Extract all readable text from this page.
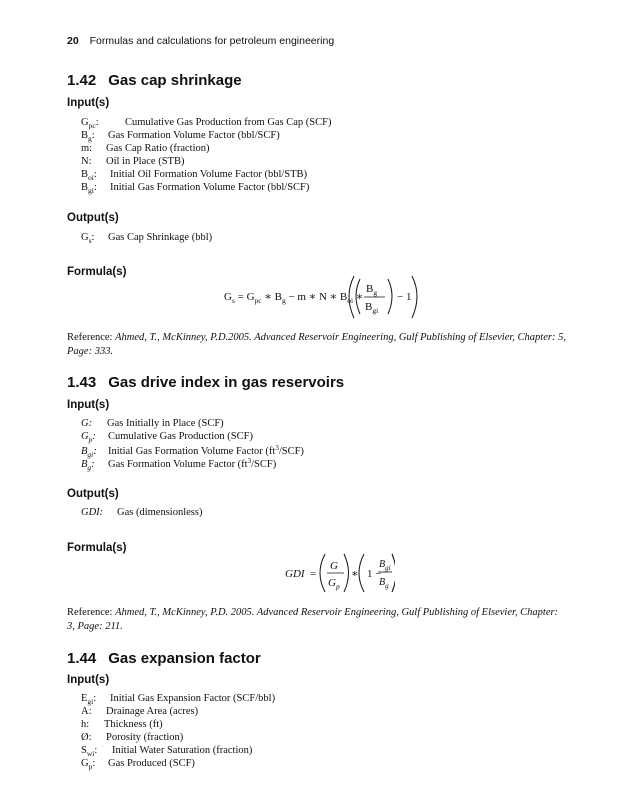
20 Formulas and calculations for petroleum engineering
1.42 Gas cap shrinkage
Input(s)
$G_{pc}$:	Cumulative Gas Production from Gas Cap (SCF)
$B_g$: Gas Formation Volume Factor (bbl/SCF)
m: Gas Cap Ratio (fraction)
N: Oil in Place (STB)
$B_{oi}$: Initial Oil Formation Volume Factor (bbl/STB)
$B_{gi}$: Initial Gas Formation Volume Factor (bbl/SCF)
Output(s)
$G_s$: Gas Cap Shrinkage (bbl)
Formula(s)
$G_s = G_{pc}$ ∗ $B_g - m$ ∗ N ∗ $B_{oi}$ ∗
$B_g$
$B_{gi}$
− 1
Reference: Ahmed, T., McKinney, P.D.2005. Advanced Reservoir Engineering, Gulf Publishing of Elsevier, Chapter: 5, Page: 333.
1.43 Gas drive index in gas reservoirs
Input(s)
G: Gas Initially in Place (SCF)
$G_p$: Cumulative Gas Production (SCF)
$B_{gi}$: Initial Gas Formation Volume Factor $(ft^3/SCF)$
$B_g$: Gas Formation Volume Factor $(ft^3/SCF)$
Output(s)
GDI: Gas (dimensionless)
Formula(s)
GDI =
G
$G_p$
∗ 1 −
$B_{gi}$
$B_g$
Reference: Ahmed, T., McKinney, P.D. 2005. Advanced Reservoir Engineering, Gulf Publishing of Elsevier, Chapter: 3, Page: 211.
1.44 Gas expansion factor
Input(s)
$E_{gi}$: Initial Gas Expansion Factor (SCF/bbl)
A: Drainage Area (acres)
h: Thickness (ft)
Ø: Porosity (fraction)
$S_{wi}$: Initial Water Saturation (fraction)
$G_p$: Gas Produced (SCF)
